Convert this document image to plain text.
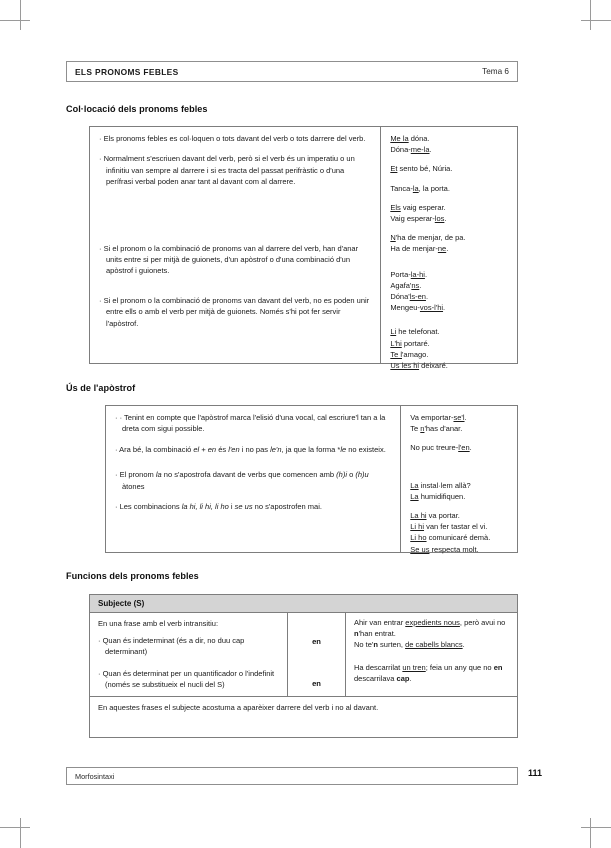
ELS PRONOMS FEBLES	Tema 6
Col·locació dels pronoms febles

· Els pronoms febles es col·loquen o tots davant del verb o tots darrere del verb.

· Normalment s'escriuen davant del verb, però si el verb és un imperatiu o un infinitiu van sempre al darrere i si es tracta del passat perifràstic o d'una perífrasi verbal poden anar tant al davant com al darrere.

· Si el pronom o la combinació de pronoms van al darrere del verb, han d'anar units entre si per mitjà de guionets, d'un apòstrof o d'una combinació d'un apòstrof i guionets.

· Si el pronom o la combinació de pronoms van davant del verb, no es poden unir entre ells o amb el verb per mitjà de guionets. Només s'hi pot fer servir l'apòstrof.

Me la dóna.
Dóna-me-la.
Et sento bé, Núria.
Tanca-la, la porta.
Els vaig esperar.
Vaig esperar-los.
N'ha de menjar, de pa.
Ha de menjar-ne.
Porta-la-hi.
Agafa'ns.
Dóna'ls-en.
Mengeu-vos-l'hi.
Li he telefonat.
L'hi portaré.
Te l'amago.
Us les hi deixaré.
Ús de l'apòstrof

· · Tenint en compte que l'apòstrof marca l'elisió d'una vocal, cal escriure'l tan a la dreta com sigui possible.

· Ara bé, la combinació el + en és l'en i no pas le'n, ja que la forma *le no existeix.

· El pronom la no s'apostrofa davant de verbs que comencen amb (h)i o (h)u àtones

· Les combinacions la hi, li hi, li ho i se us no s'apostrofen mai.

Va emportar-se'l.
Te n'has d'anar.
No puc treure-l'en.
La instal·lem allà?
La humidifiquen.
La hi va portar.
Li hi van fer tastar el vi.
Li ho comunicaré demà.
Se us respecta molt.
Funcions dels pronoms febles
Subjecte (S)

En una frase amb el verb intransitiu:

· Quan és indeterminat (és a dir, no duu cap determinant)

· Quan és determinat per un quantificador o l'indefinit (només se substitueix el nucli del S)

en
en

Ahir van entrar expedients nous, però avui no n'han entrat.
No te'n surten, de cabells blancs.

Ha descarrilat un tren; feia un any que no en descarrilava cap.

En aquestes frases el subjecte acostuma a aparèixer darrere del verb i no al davant.
Morfosintaxi	111
